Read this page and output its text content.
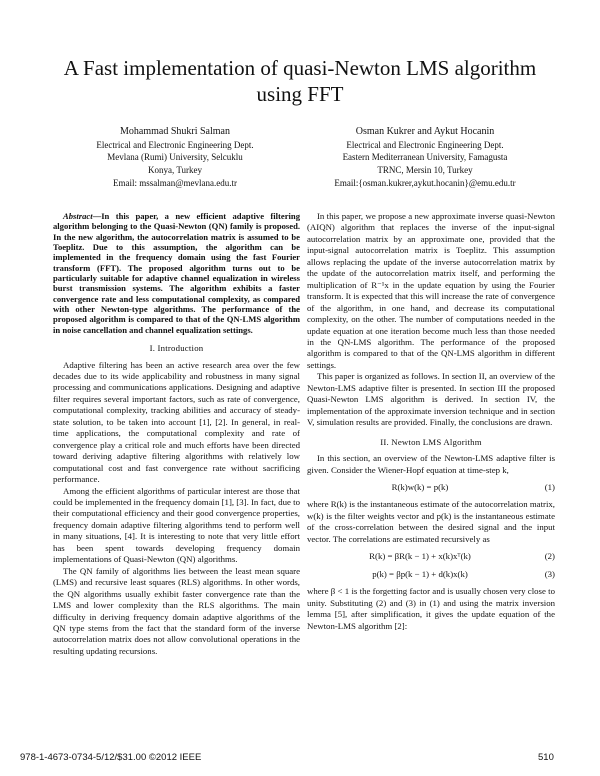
A Fast implementation of quasi-Newton LMS algorithm using FFT
Mohammad Shukri Salman
Electrical and Electronic Engineering Dept.
Mevlana (Rumi) University, Selcuklu
Konya, Turkey
Email: mssalman@mevlana.edu.tr
Osman Kukrer and Aykut Hocanin
Electrical and Electronic Engineering Dept.
Eastern Mediterranean University, Famagusta
TRNC, Mersin 10, Turkey
Email:{osman.kukrer,aykut.hocanin}@emu.edu.tr

Abstract—In this paper, a new efficient adaptive filtering algorithm belonging to the Quasi-Newton (QN) family is proposed. In the new algorithm, the autocorrelation matrix is assumed to be Toeplitz. Due to this assumption, the algorithm can be implemented in the frequency domain using the fast Fourier transform (FFT). The proposed algorithm turns out to be particularly suitable for adaptive channel equalization in wireless burst transmission systems. The algorithm exhibits a faster convergence rate and less computational complexity, as compared with other Newton-type algorithms. The performance of the proposed algorithm is compared to that of the QN-LMS algorithm in noise cancellation and channel equalization settings.

I. Introduction

Adaptive filtering has been an active research area over the few decades due to its wide applicability and robustness in many signal processing and communications applications. Designing and adaptive filter requires several important factors, such as rate of convergence, computational complexity, tracking abilities and accuracy of steady-state solution, to be taken into account [1], [2]. In general, in real-time applications, the computational complexity and rate of convergence play a critical role and much efforts have been directed toward deriving adaptive filtering algorithms with relatively low computational cost and fast convergence rate without sacrificing performance.

Among the efficient algorithms of particular interest are those that could be implemented in the frequency domain [1], [3]. In fact, due to their computational efficiency and their good convergence properties, frequency domain adaptive filtering algorithms tend to perform well in many situations, [4]. It is interesting to note that very little effort has been spent towards developing frequency domain implementations of Quasi-Newton (QN) algorithms.

The QN family of algorithms lies between the least mean square (LMS) and recursive least squares (RLS) algorithms. In other words, the QN algorithms usually exhibit faster convergence rate than the LMS and lower complexity than the RLS algorithms. The main difficulty in deriving frequency domain adaptive algorithms of the QN type stems from the fact that the standard form of the inverse autocorrelation matrix does not allow convolutional operations in the resulting updating recursions.

In this paper, we propose a new approximate inverse quasi-Newton (AIQN) algorithm that replaces the inverse of the input-signal autocorrelation matrix by an approximate one, provided that the input-signal autocorrelation matrix is Toeplitz. This assumption allows replacing the update of the inverse autocorrelation matrix by the update of the autocorrelation matrix itself, and performing the multiplication of R⁻¹x in the update equation by using the Fourier transform. It is expected that this will increase the rate of convergence of the algorithm, in one hand, and decrease its computational complexity, on the other. The number of computations needed in the update equation at one iteration become much less than those needed in the QN-LMS algorithm. The performance of the proposed algorithm is compared to that of the QN-LMS algorithm in different settings.

This paper is organized as follows. In section II, an overview of the Newton-LMS adaptive filter is presented. In section III the proposed Quasi-Newton LMS algorithm is derived. In section IV, the implementation of the approximate inversion technique and in section V, simulation results are provided. Finally, the conclusions are drawn.

II. Newton LMS Algorithm

In this section, an overview of the Newton-LMS adaptive filter is given. Consider the Wiener-Hopf equation at time-step k,

R(k)w(k) = p(k)	(1)

where R(k) is the instantaneous estimate of the autocorrelation matrix, w(k) is the filter weights vector and p(k) is the instantaneous estimate of the cross-correlation between the desired signal and the input vector. The correlations are estimated recursively as

R(k) = βR(k − 1) + x(k)xᵀ(k)	(2)
p(k) = βp(k − 1) + d(k)x(k)	(3)

where β < 1 is the forgetting factor and is usually chosen very close to unity. Substituting (2) and (3) in (1) and using the matrix inversion lemma [5], after simplification, it gives the update equation of the Newton-LMS algorithm [2]:

978-1-4673-0734-5/12/$31.00 ©2012 IEEE	510
